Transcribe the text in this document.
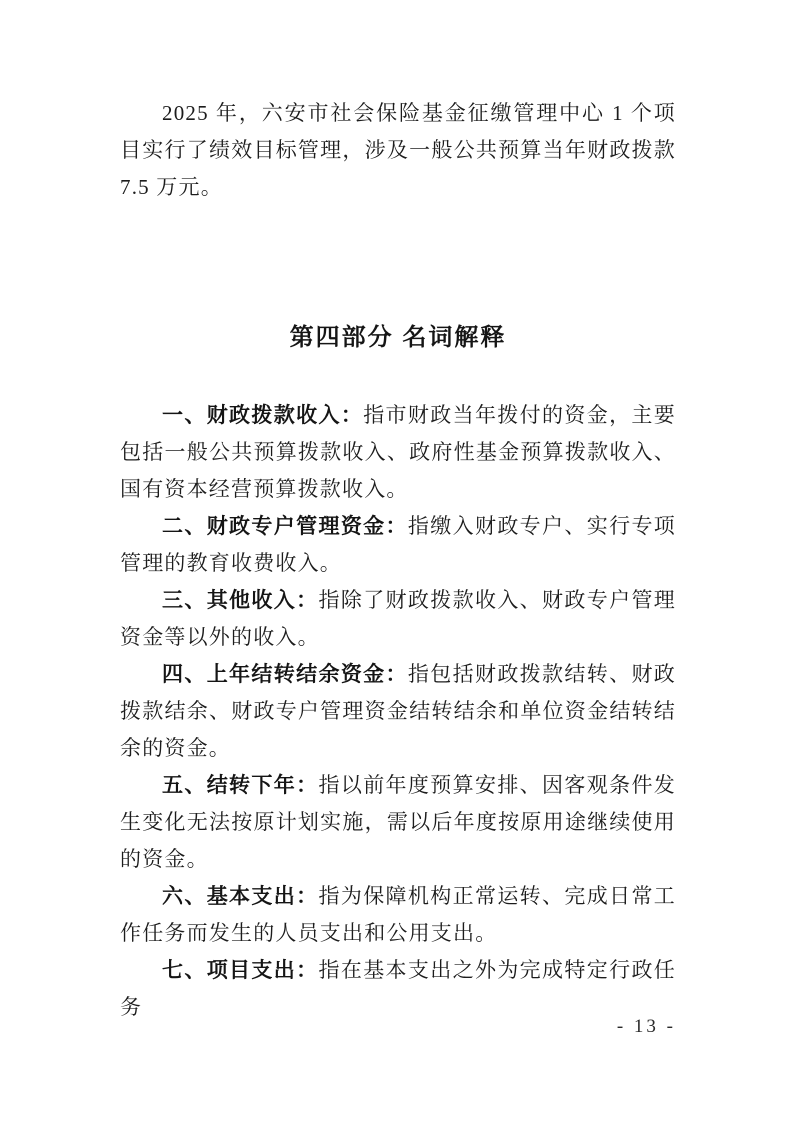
2025 年，六安市社会保险基金征缴管理中心 1 个项目实行了绩效目标管理，涉及一般公共预算当年财政拨款 7.5 万元。

第四部分 名词解释

一、财政拨款收入：指市财政当年拨付的资金，主要包括一般公共预算拨款收入、政府性基金预算拨款收入、国有资本经营预算拨款收入。

二、财政专户管理资金：指缴入财政专户、实行专项管理的教育收费收入。

三、其他收入：指除了财政拨款收入、财政专户管理资金等以外的收入。

四、上年结转结余资金：指包括财政拨款结转、财政拨款结余、财政专户管理资金结转结余和单位资金结转结余的资金。

五、结转下年：指以前年度预算安排、因客观条件发生变化无法按原计划实施，需以后年度按原用途继续使用的资金。

六、基本支出：指为保障机构正常运转、完成日常工作任务而发生的人员支出和公用支出。

七、项目支出：指在基本支出之外为完成特定行政任务

- 13 -
